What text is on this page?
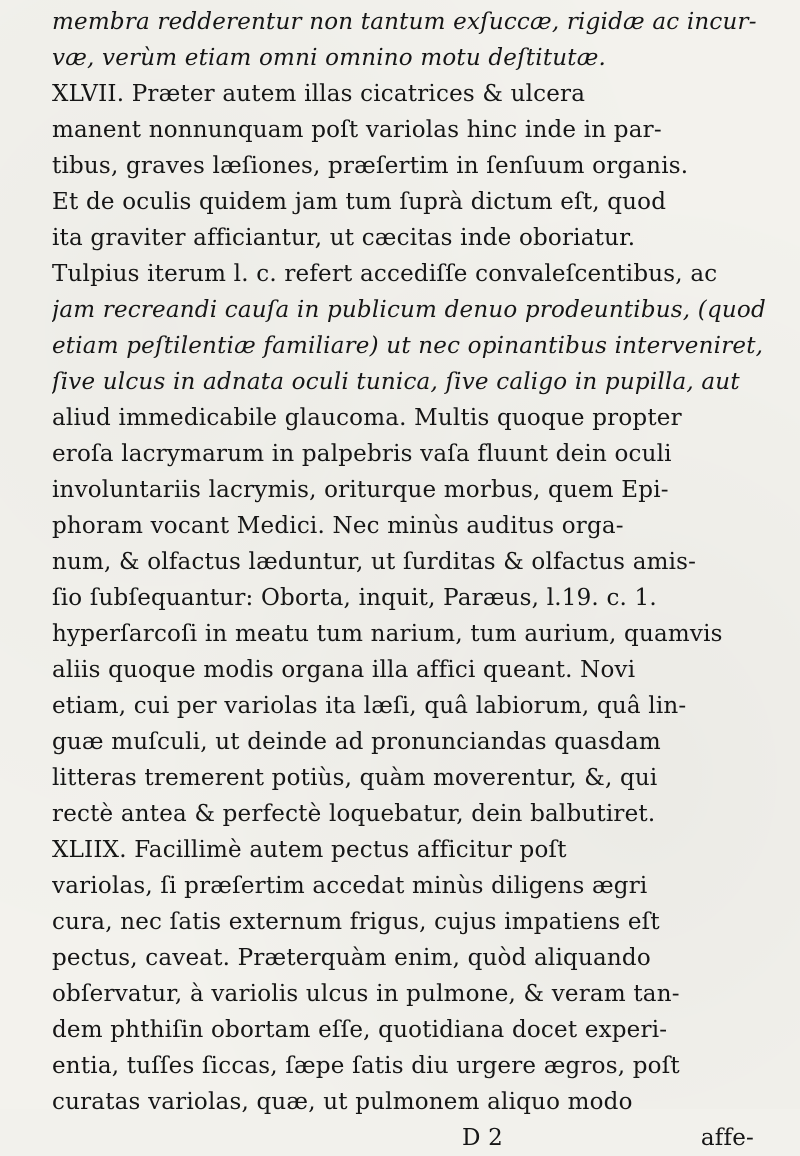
membra redderentur non tantum exſuccæ, rigidæ ac incur-
væ, verùm etiam omni omnino motu deſtitutæ.
XLVII. Præter autem illas cicatrices & ulcera
manent nonnunquam poſt variolas hinc inde in par-
tibus, graves læſiones, præſertim in ſenſuum organis.
Et de oculis quidem jam tum ſuprà dictum eſt, quod
ita graviter afficiantur, ut cæcitas inde oboriatur.
Tulpius iterum l. c. refert accediſſe convaleſcentibus, ac
jam recreandi cauſa in publicum denuo prodeuntibus, (quod
etiam peſtilentiæ familiare) ut nec opinantibus interveniret,
ſive ulcus in adnata oculi tunica, ſive caligo in pupilla, aut
aliud immedicabile glaucoma. Multis quoque propter
eroſa lacrymarum in palpebris vaſa fluunt dein oculi
involuntariis lacrymis, oriturque morbus, quem Epi-
phoram vocant Medici. Nec minùs auditus orga-
num, & olfactus læduntur, ut ſurditas & olfactus amis-
ſio ſubſequantur: Oborta, inquit, Paræus, l.19. c. 1.
hyperſarcoſi in meatu tum narium, tum aurium, quamvis
aliis quoque modis organa illa affici queant. Novi
etiam, cui per variolas ita læſi, quâ labiorum, quâ lin-
guæ muſculi, ut deinde ad pronunciandas quasdam
litteras tremerent potiùs, quàm moverentur, &, qui
rectè antea & perfectè loquebatur, dein balbutiret.
XLIIX. Facillimè autem pectus afficitur poſt
variolas, ſi præſertim accedat minùs diligens ægri
cura, nec ſatis externum frigus, cujus impatiens eſt
pectus, caveat. Præterquàm enim, quòd aliquando
obſervatur, à variolis ulcus in pulmone, & veram tan-
dem phthiſin obortam eſſe, quotidiana docet experi-
entia, tuſſes ſiccas, ſæpe ſatis diu urgere ægros, poſt
curatas variolas, quæ, ut pulmonem aliquo modo
D 2	affe-
